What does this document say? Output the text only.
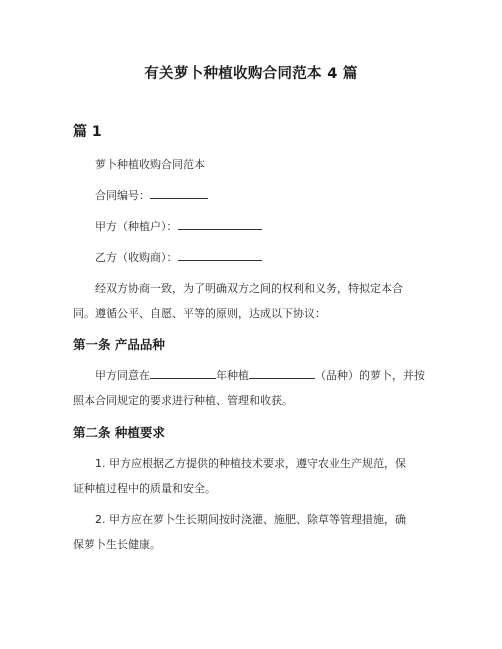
有关萝卜种植收购合同范本 4 篇
篇 1
萝卜种植收购合同范本
合同编号：
甲方（种植户）：
乙方（收购商）：
经双方协商一致，为了明确双方之间的权利和义务，特拟定本合
同。遵循公平、自愿、平等的原则，达成以下协议：
第一条 产品品种
甲方同意在	年种植	（品种）的萝卜，并按
照本合同规定的要求进行种植、管理和收获。
第二条 种植要求
1. 甲方应根据乙方提供的种植技术要求，遵守农业生产规范，保
证种植过程中的质量和安全。
2. 甲方应在萝卜生长期间按时浇灌、施肥、除草等管理措施，确
保萝卜生长健康。
